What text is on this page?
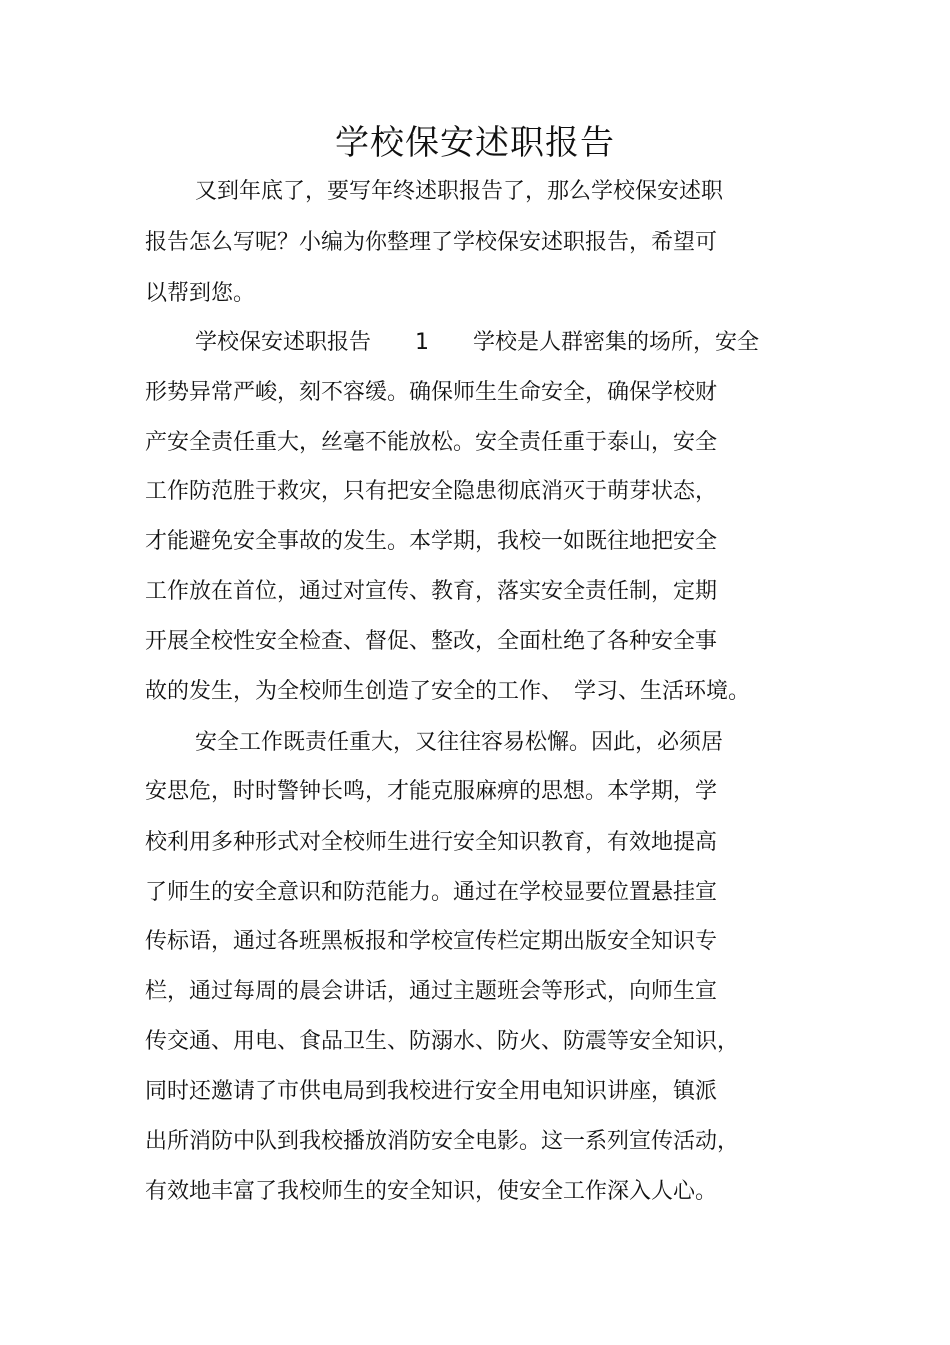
学校保安述职报告
又到年底了，要写年终述职报告了，那么学校保安述职
报告怎么写呢？小编为你整理了学校保安述职报告，希望可
以帮到您。
学校保安述职报告　　1　　学校是人群密集的场所，安全
形势异常严峻，刻不容缓。确保师生生命安全，确保学校财
产安全责任重大，丝毫不能放松。安全责任重于泰山，安全
工作防范胜于救灾，只有把安全隐患彻底消灭于萌芽状态，
才能避免安全事故的发生。本学期，我校一如既往地把安全
工作放在首位，通过对宣传、教育，落实安全责任制，定期
开展全校性安全检查、督促、整改，全面杜绝了各种安全事
故的发生，为全校师生创造了安全的工作、　学习、生活环境。
安全工作既责任重大，又往往容易松懈。因此，必须居
安思危，时时警钟长鸣，才能克服麻痹的思想。本学期，学
校利用多种形式对全校师生进行安全知识教育，有效地提高
了师生的安全意识和防范能力。通过在学校显要位置悬挂宣
传标语，通过各班黑板报和学校宣传栏定期出版安全知识专
栏，通过每周的晨会讲话，通过主题班会等形式，向师生宣
传交通、用电、食品卫生、防溺水、防火、防震等安全知识，
同时还邀请了市供电局到我校进行安全用电知识讲座，镇派
出所消防中队到我校播放消防安全电影。这一系列宣传活动，
有效地丰富了我校师生的安全知识，使安全工作深入人心。
